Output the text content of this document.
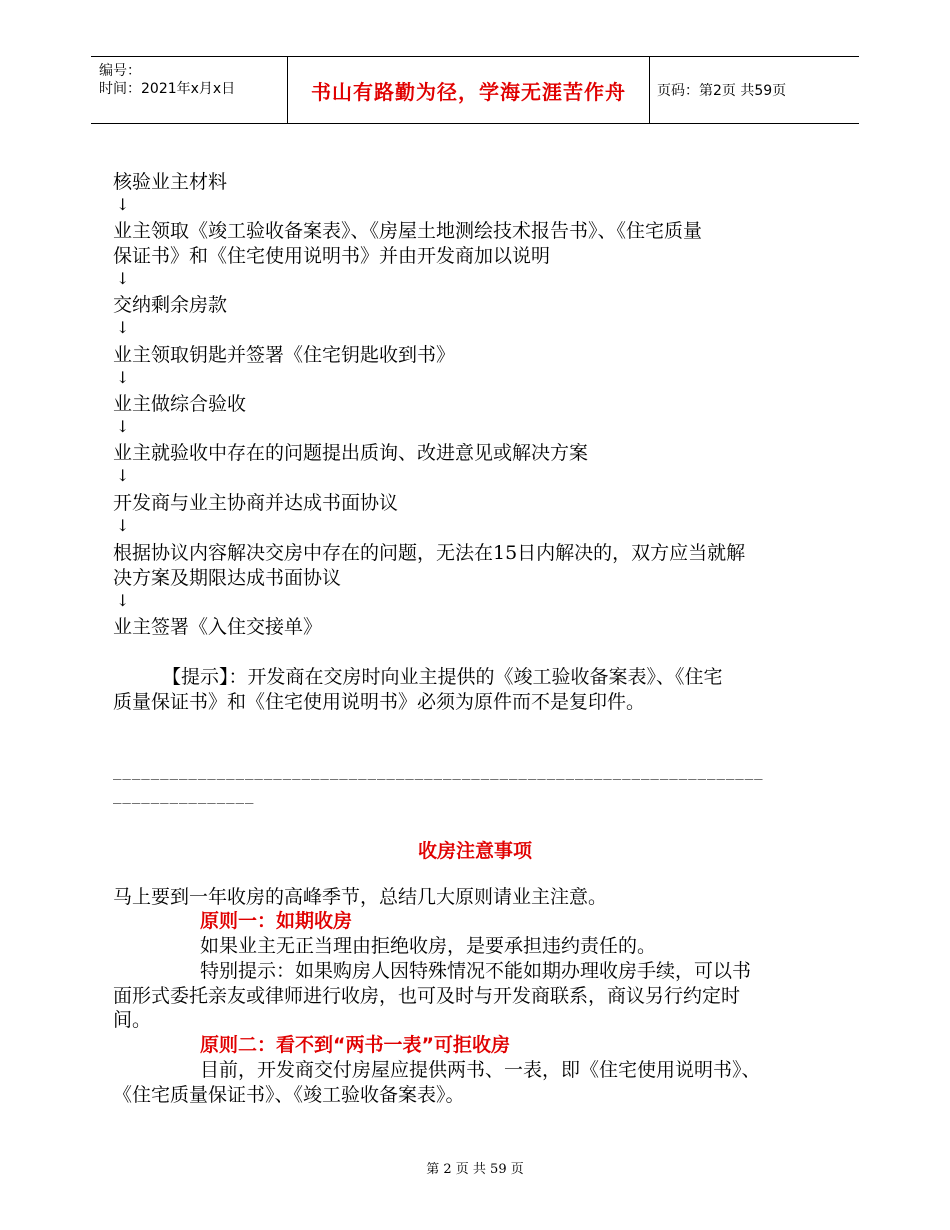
编号：
时间：2021年x月x日	书山有路勤为径，学海无涯苦作舟	页码：第2页 共59页
核验业主材料
↓
业主领取《竣工验收备案表》、《房屋土地测绘技术报告书》、《住宅质量
保证书》和《住宅使用说明书》并由开发商加以说明
↓
交纳剩余房款
↓
业主领取钥匙并签署《住宅钥匙收到书》
↓
业主做综合验收
↓
业主就验收中存在的问题提出质询、改进意见或解决方案
↓
开发商与业主协商并达成书面协议
↓
根据协议内容解决交房中存在的问题，无法在15日内解决的，双方应当就解
决方案及期限达成书面协议
↓
业主签署《入住交接单》
【提示】：开发商在交房时向业主提供的《竣工验收备案表》、《住宅
质量保证书》和《住宅使用说明书》必须为原件而不是复印件。
_____________________________________________________________________
_______________
收房注意事项
马上要到一年收房的高峰季节，总结几大原则请业主注意。
原则一：如期收房
如果业主无正当理由拒绝收房，是要承担违约责任的。
特别提示：如果购房人因特殊情况不能如期办理收房手续，可以书
面形式委托亲友或律师进行收房，也可及时与开发商联系，商议另行约定时
间。
原则二：看不到“两书一表”可拒收房
目前，开发商交付房屋应提供两书、一表，即《住宅使用说明书》、
《住宅质量保证书》、《竣工验收备案表》。
第 2 页 共 59 页
